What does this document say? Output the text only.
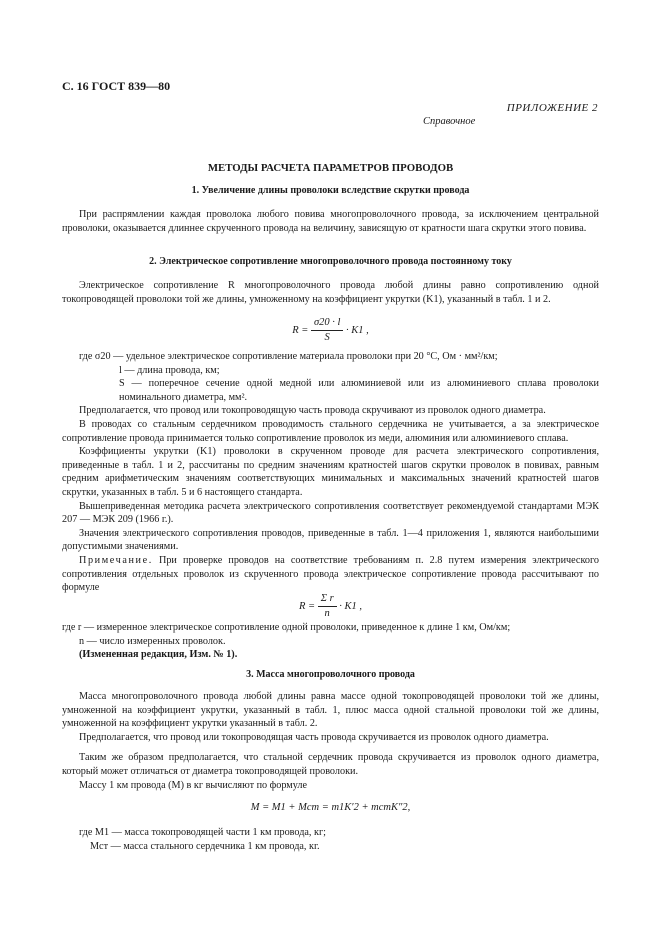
С. 16 ГОСТ 839—80
ПРИЛОЖЕНИЕ 2
Справочное
МЕТОДЫ РАСЧЕТА ПАРАМЕТРОВ ПРОВОДОВ
1. Увеличение длины проволоки вследствие скрутки провода

При распрямлении каждая проволока любого повива многопроволочного провода, за исключением центральной проволоки, оказывается длиннее скрученного провода на величину, зависящую от кратности шага скрутки этого повива.

2. Электрическое сопротивление многопроволочного провода постоянному току

Электрическое сопротивление R многопроволочного провода любой длины равно сопротивлению одной токопроводящей проволоки той же длины, умноженному на коэффициент укрутки (K1), указанный в табл. 1 и 2.

$R = \frac{\sigma 20 \cdot l}{S} \cdot K1$ ,

где σ20 — удельное электрическое сопротивление материала проволоки при 20 °С, Ом · мм²/км;

l — длина провода, км;

S — поперечное сечение одной медной или алюминиевой или из алюминиевого сплава проволоки номинального диаметра, мм².

Предполагается, что провод или токопроводящую часть провода скручивают из проволок одного диаметра.

В проводах со стальным сердечником проводимость стального сердечника не учитывается, а за электрическое сопротивление провода принимается только сопротивление проволок из меди, алюминия или алюминиевого сплава.

Коэффициенты укрутки (K1) проволоки в скрученном проводе для расчета электрического сопротивления, приведенные в табл. 1 и 2, рассчитаны по средним значениям кратностей шагов скрутки проволок в повивах, равным средним арифметическим значениям соответствующих минимальных и максимальных значений кратностей шагов скрутки, указанных в табл. 5 и 6 настоящего стандарта.

Вышеприведенная методика расчета электрического сопротивления соответствует рекомендуемой стандартами МЭК 207 — МЭК 209 (1966 г.).

Значения электрического сопротивления проводов, приведенные в табл. 1—4 приложения 1, являются наибольшими допустимыми значениями.

Примечание. При проверке проводов на соответствие требованиям п. 2.8 путем измерения электрического сопротивления отдельных проволок из скрученного провода электрическое сопротивление провода рассчитывают по формуле

$R = \frac{\text{Σ r}}{n} \cdot K1$ ,

где r — измеренное электрическое сопротивление одной проволоки, приведенное к длине 1 км, Ом/км;

n — число измеренных проволок.

(Измененная редакция, Изм. № 1).

3. Масса многопроволочного провода

Масса многопроволочного провода любой длины равна массе одной токопроводящей проволоки той же длины, умноженной на коэффициент укрутки, указанный в табл. 1, плюс масса одной стальной проволоки той же длины, умноженной на коэффициент укрутки указанный в табл. 2.

Предполагается, что провод или токопроводящая часть провода скручивается из проволок одного диаметра.

Таким же образом предполагается, что стальной сердечник провода скручивается из проволок одного диаметра, который может отличаться от диаметра токопроводящей проволоки.

Массу 1 км провода (M) в кг вычисляют по формуле

M = M1 + Mст = m1K′2 + mстK″2,

где M1 — масса токопроводящей части 1 км провода, кг;

Mст — масса стального сердечника 1 км провода, кг.
